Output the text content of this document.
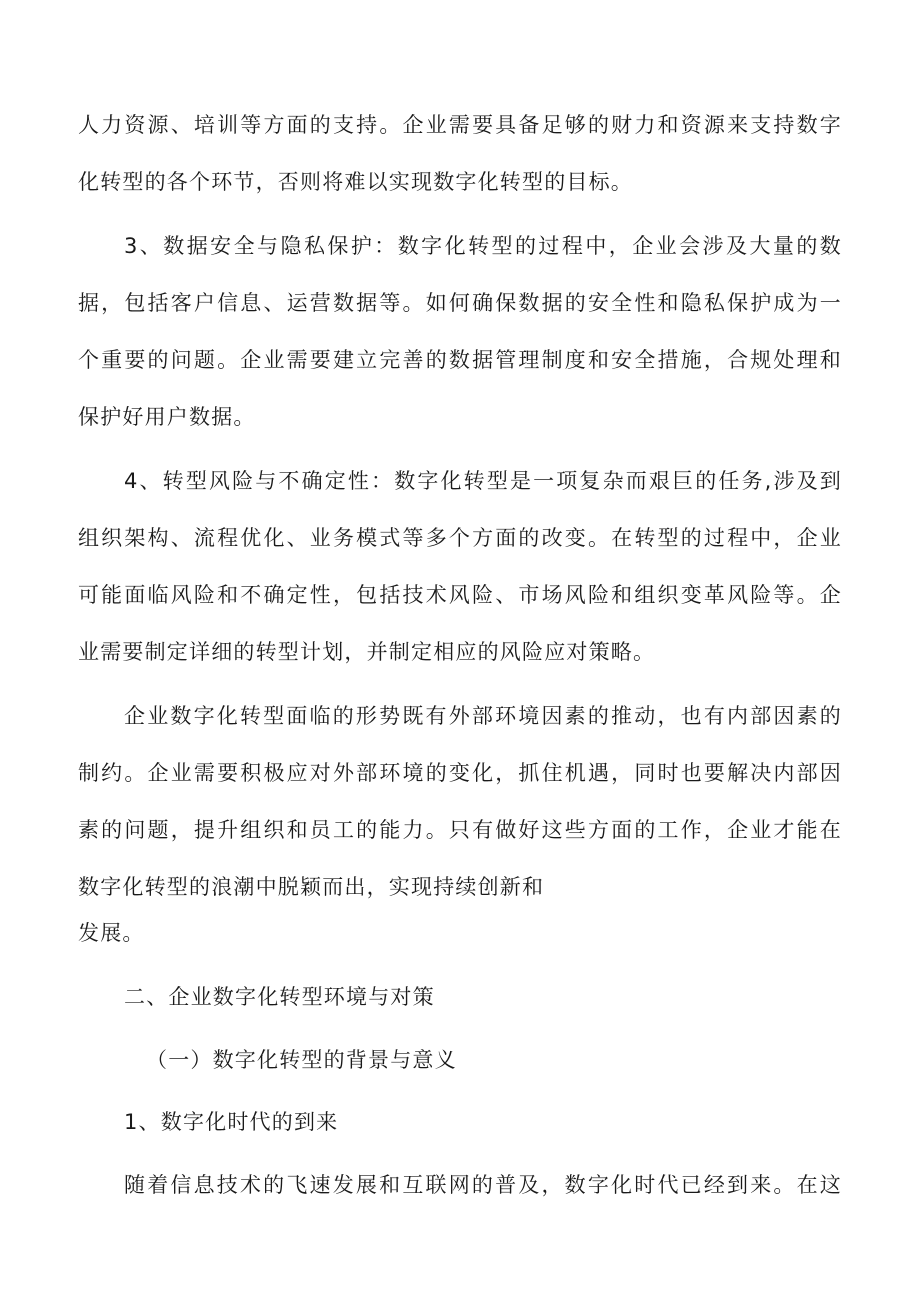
人力资源、培训等方面的支持。企业需要具备足够的财力和资源来支持数字
化转型的各个环节，否则将难以实现数字化转型的目标。
3、数据安全与隐私保护：数字化转型的过程中，企业会涉及大量的数
据，包括客户信息、运营数据等。如何确保数据的安全性和隐私保护成为一
个重要的问题。企业需要建立完善的数据管理制度和安全措施，合规处理和
保护好用户数据。
4、转型风险与不确定性：数字化转型是一项复杂而艰巨的任务,涉及到
组织架构、流程优化、业务模式等多个方面的改变。在转型的过程中，企业
可能面临风险和不确定性，包括技术风险、市场风险和组织变革风险等。企
业需要制定详细的转型计划，并制定相应的风险应对策略。
企业数字化转型面临的形势既有外部环境因素的推动，也有内部因素的
制约。企业需要积极应对外部环境的变化，抓住机遇，同时也要解决内部因
素的问题，提升组织和员工的能力。只有做好这些方面的工作，企业才能在
数字化转型的浪潮中脱颖而出，实现持续创新和
发展。
二、企业数字化转型环境与对策
（一）数字化转型的背景与意义
1、数字化时代的到来
随着信息技术的飞速发展和互联网的普及，数字化时代已经到来。在这
